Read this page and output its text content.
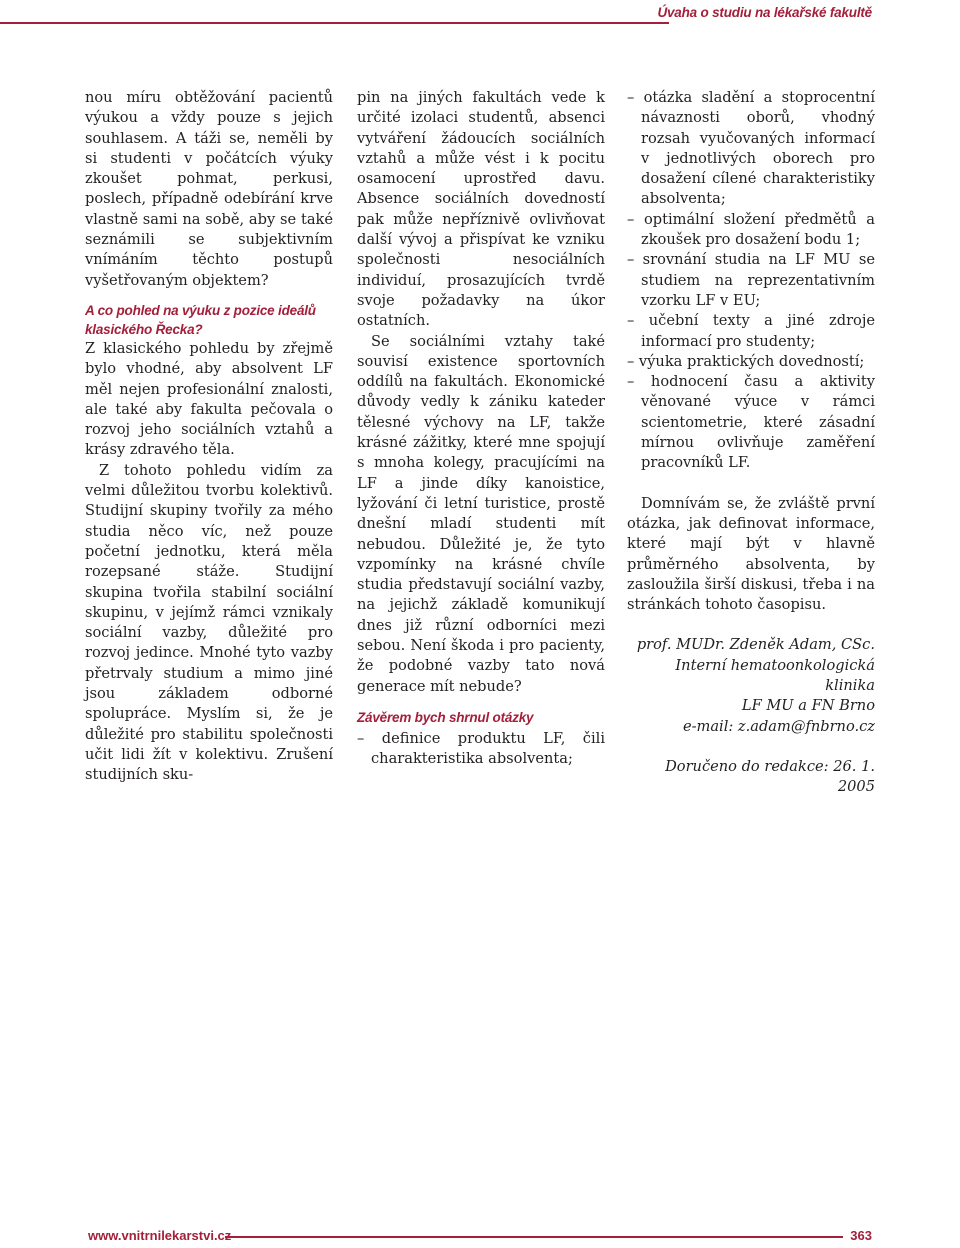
Úvaha o studiu na lékařské fakultě

nou míru obtěžování pacientů výukou a vždy pouze s jejich souhlasem. A táži se, neměli by si studenti v počátcích výuky zkoušet pohmat, perkusi, poslech, případně odebírání krve vlastně sami na sobě, aby se také seznámili se subjektivním vnímáním těchto postupů vyšetřovaným objektem?

A co pohled na výuku z pozice ideálů klasického Řecka?

Z klasického pohledu by zřejmě bylo vhodné, aby absolvent LF měl nejen profesionální znalosti, ale také aby fakulta pečovala o rozvoj jeho sociálních vztahů a krásy zdravého těla.

Z tohoto pohledu vidím za velmi důležitou tvorbu kolektivů. Studijní skupiny tvořily za mého studia něco víc, než pouze početní jednotku, která měla rozepsané stáže. Studijní skupina tvořila stabilní sociální skupinu, v jejímž rámci vznikaly sociální vazby, důležité pro rozvoj jedince. Mnohé tyto vazby přetrvaly studium a mimo jiné jsou základem odborné spolupráce. Myslím si, že je důležité pro stabilitu společnosti učit lidi žít v kolektivu. Zrušení studijních sku-

pin na jiných fakultách vede k určité izolaci studentů, absenci vytváření žádoucích sociálních vztahů a může vést i k pocitu osamocení uprostřed davu. Absence sociálních dovedností pak může nepříznivě ovlivňovat další vývoj a přispívat ke vzniku společnosti nesociálních individuí, prosazujících tvrdě svoje požadavky na úkor ostatních.

Se sociálními vztahy také souvisí existence sportovních oddílů na fakultách. Ekonomické důvody vedly k zániku kateder tělesné výchovy na LF, takže krásné zážitky, které mne spojují s mnoha kolegy, pracujícími na LF a jinde díky kanoistice, lyžování či letní turistice, prostě dnešní mladí studenti mít nebudou. Důležité je, že tyto vzpomínky na krásné chvíle studia představují sociální vazby, na jejichž základě komunikují dnes již různí odborníci mezi sebou. Není škoda i pro pacienty, že podobné vazby tato nová generace mít nebude?

Závěrem bych shrnul otázky

– definice produktu LF, čili charakteristika absolventa;

– otázka sladění a stoprocentní návaznosti oborů, vhodný rozsah vyučovaných informací v jednotlivých oborech pro dosažení cílené charakteristiky absolventa;

– optimální složení předmětů a zkoušek pro dosažení bodu 1;

– srovnání studia na LF MU se studiem na reprezentativním vzorku LF v EU;

– učební texty a jiné zdroje informací pro studenty;

– výuka praktických dovedností;

– hodnocení času a aktivity věnované výuce v rámci scientometrie, které zásadní mírnou ovlivňuje zaměření pracovníků LF.

Domnívám se, že zvláště první otázka, jak definovat informace, které mají být v hlavně průměrného absolventa, by zasloužila širší diskusi, třeba i na stránkách tohoto časopisu.

prof. MUDr. Zdeněk Adam, CSc.

Interní hematoonkologická klinika

LF MU a FN Brno

e-mail: z.adam@fnbrno.cz

Doručeno do redakce: 26. 1. 2005

www.vnitrnilekarstvi.cz	363
